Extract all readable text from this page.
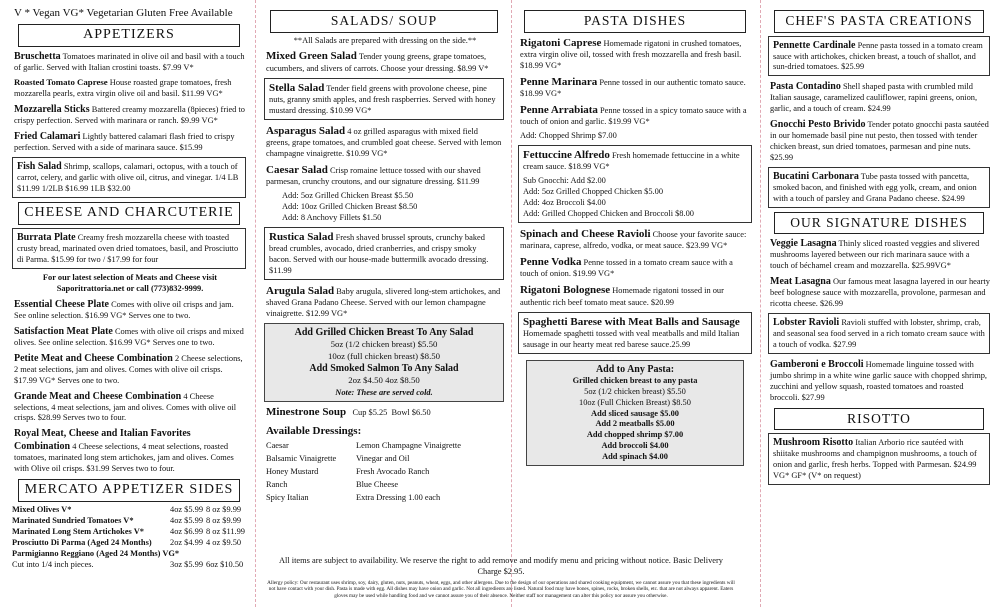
V * Vegan VG* Vegetarian Gluten Free Available
APPETIZERS
Bruschetta Tomatoes marinated in olive oil and basil with a touch of garlic. Served with Italian crostini toasts. $7.99 V*
Roasted Tomato Caprese House roasted grape tomatoes, fresh mozzarella pearls, extra virgin olive oil and basil. $11.99 VG*
Mozzarella Sticks Battered creamy mozzarella (8pieces) fried to crispy perfection. Served with marinara or ranch. $9.99 VG*
Fried Calamari Lightly battered calamari flash fried to crispy perfection. Served with a side of marinara sauce. $15.99
Fish Salad Shrimp, scallops, calamari, octopus, with a touch of carrot, celery, and garlic with olive oil, citrus, and vinegar. 1/4 LB $11.99 1/2LB $16.99 1LB $32.00
CHEESE AND CHARCUTERIE
Burrata Plate Creamy fresh mozzarella cheese with toasted crusty bread, marinated oven dried tomatoes, basil, and Prosciutto di Parma. $15.99 for two / $17.99 for four
For our latest selection of Meats and Cheese visit Saporitrattoria.net or call (773)832-9999.
Essential Cheese Plate Comes with olive oil crisps and jam. See online selection. $16.99 VG* Serves one to two.
Satisfaction Meat Plate Comes with olive oil crisps and mixed olives. See online selection. $16.99 VG* Serves one to two.
Petite Meat and Cheese Combination 2 Cheese selections, 2 meat selections, jam and olives. Comes with olive oil crisps. $17.99 VG* Serves one to two.
Grande Meat and Cheese Combination 4 Cheese selections, 4 meat selections, jam and olives. Comes with olive oil crisps. $28.99 Serves two to four.
Royal Meat, Cheese and Italian Favorites Combination 4 Cheese selections, 4 meat selections, roasted tomatoes, marinated long stem artichokes, jam and olives. Comes with Olive oil crisps. $31.99 Serves two to four.
MERCATO APPETIZER SIDES
Mixed Olives V*	4oz $5.99 8 oz $9.99
Marinated Sundried Tomatoes V*	4oz $5.99 8 oz $9.99
Marinated Long Stem Artichokes V*	4oz $6.99 8 oz $11.99
Prosciutto Di Parma (Aged 24 Months)	2oz $4.99 4 oz $9.50
Parmigianno Reggiano (Aged 24 Months) VG*
Cut into 1/4 inch pieces.	3oz $5.99 6oz $10.50
SALADS/ SOUP
**All Salads are prepared with dressing on the side.**
Mixed Green Salad Tender young greens, grape tomatoes, cucumbers, and slivers of carrots. Choose your dressing. $8.99 V*
Stella Salad Tender field greens with provolone cheese, pine nuts, granny smith apples, and fresh raspberries. Served with honey mustard dressing. $10.99 VG*
Asparagus Salad 4 oz grilled asparagus with mixed field greens, grape tomatoes, and crumbled goat cheese. Served with lemon champagne vinaigrette. $10.99 VG*
Caesar Salad Crisp romaine lettuce tossed with our shaved parmesan, crunchy croutons, and our signature dressing. $11.99
Add: 5oz Grilled Chicken Breast $5.50
Add: 10oz Grilled Chicken Breast $8.50
Add: 8 Anchovy Fillets $1.50
Rustica Salad Fresh shaved brussel sprouts, crunchy baked bread crumbles, avocado, dried cranberries, and crispy smoky bacon. Served with our house-made buttermilk avocado dressing. $11.99
Arugula Salad Baby arugula, slivered long-stem artichokes, and shaved Grana Padano Cheese. Served with our lemon champagne vinaigrette. $12.99 VG*
Add Grilled Chicken Breast To Any Salad
5oz (1/2 chicken breast) $5.50
10oz (full chicken breast) $8.50
Add Smoked Salmon To Any Salad
2oz $4.50 4oz $8.50
Note: These are served cold.
Minestrone Soup Cup $5.25 Bowl $6.50
Available Dressings:
Caesar	Lemon Champagne Vinaigrette
Balsamic Vinaigrette	Vinegar and Oil
Honey Mustard	Fresh Avocado Ranch
Ranch	Blue Cheese
Spicy Italian	Extra Dressing 1.00 each
PASTA DISHES
Rigatoni Caprese Homemade rigatoni in crushed tomatoes, extra virgin olive oil, tossed with fresh mozzarella and fresh basil. $18.99 VG*
Penne Marinara Penne tossed in our authentic tomato sauce. $18.99 VG*
Penne Arrabiata Penne tossed in a spicy tomato sauce with a touch of onion and garlic. $19.99 VG*
Add: Chopped Shrimp $7.00
Fettuccine Alfredo Fresh homemade fettuccine in a white cream sauce. $18.99 VG*
Sub Gnocchi: Add $2.00
Add: 5oz Grilled Chopped Chicken $5.00
Add: 4oz Broccoli $4.00
Add: Grilled Chopped Chicken and Broccoli $8.00
Spinach and Cheese Ravioli Choose your favorite sauce: marinara, caprese, alfredo, vodka, or meat sauce. $23.99 VG*
Penne Vodka Penne tossed in a tomato cream sauce with a touch of onion. $19.99 VG*
Rigatoni Bolognese Homemade rigatoni tossed in our authentic rich beef tomato meat sauce. $20.99
Spaghetti Barese with Meat Balls and Sausage
Homemade spaghetti tossed with veal meatballs and mild Italian sausage in our hearty meat red barese sauce.25.99
Add to Any Pasta:
Grilled chicken breast to any pasta
5oz (1/2 chicken breast) $5.50
10oz (Full Chicken Breast) $8.50
Add sliced sausage $5.00
Add 2 meatballs $5.00
Add chopped shrimp $7.00
Add broccoli $4.00
Add spinach $4.00
CHEF'S PASTA CREATIONS
Pennette Cardinale Penne pasta tossed in a tomato cream sauce with artichokes, chicken breast, a touch of shallot, and sun-dried tomatoes. $25.99
Pasta Contadino Shell shaped pasta with crumbled mild Italian sausage, caramelized cauliflower, rapini greens, onion, garlic, and a touch of cream. $24.99
Gnocchi Pesto Brivido Tender potato gnocchi pasta sautéed in our homemade basil pine nut pesto, then tossed with tender chicken breast, sun dried tomatoes, parmesan and pine nuts. $25.99
Bucatini Carbonara Tube pasta tossed with pancetta, smoked bacon, and finished with egg yolk, cream, and onion with a touch of parsley and Grana Padano cheese. $24.99
OUR SIGNATURE DISHES
Veggie Lasagna Thinly sliced roasted veggies and slivered mushrooms layered between our rich marinara sauce with a touch of béchamel cream and mozzarella. $25.99VG*
Meat Lasagna Our famous meat lasagna layered in our hearty beef bolognese sauce with mozzarella, provolone, parmesan and ricotta cheese. $26.99
Lobster Ravioli Ravioli stuffed with lobster, shrimp, crab, and seasonal sea food served in a rich tomato cream sauce with a touch of vodka. $27.99
Gamberoni e Broccoli Homemade linguine tossed with jumbo shrimp in a white wine garlic sauce with chopped shrimp, zucchini and yellow squash, roasted tomatoes and roasted broccoli. $27.99
RISOTTO
Mushroom Risotto Italian Arborio rice sautéed with shiitake mushrooms and champignon mushrooms, a touch of onion and garlic, fresh herbs. Topped with Parmesan. $24.99 VG* GF* (V* on request)
All items are subject to availability. We reserve the right to add remove and modify menu and pricing without notice. Basic Delivery Charge $2.95.
Allergy policy: Our restaurant uses shrimp, soy, dairy, gluten, nuts, peanuts, wheat, eggs, and other allergens. Due to the design of our operations and shared cooking equipment, we cannot assure you that these ingredients will not have contact with your dish. Pasta is made with egg. All dishes may have onion and garlic. Not all ingredients are listed. Natural food may have bones, spines, rocks, broken shells, etc. that are not always apparent. Eaters gloves may be used while handling food and we cannot assure you of their absence. Neither staff nor management can alter this policy nor assure you otherwise.
